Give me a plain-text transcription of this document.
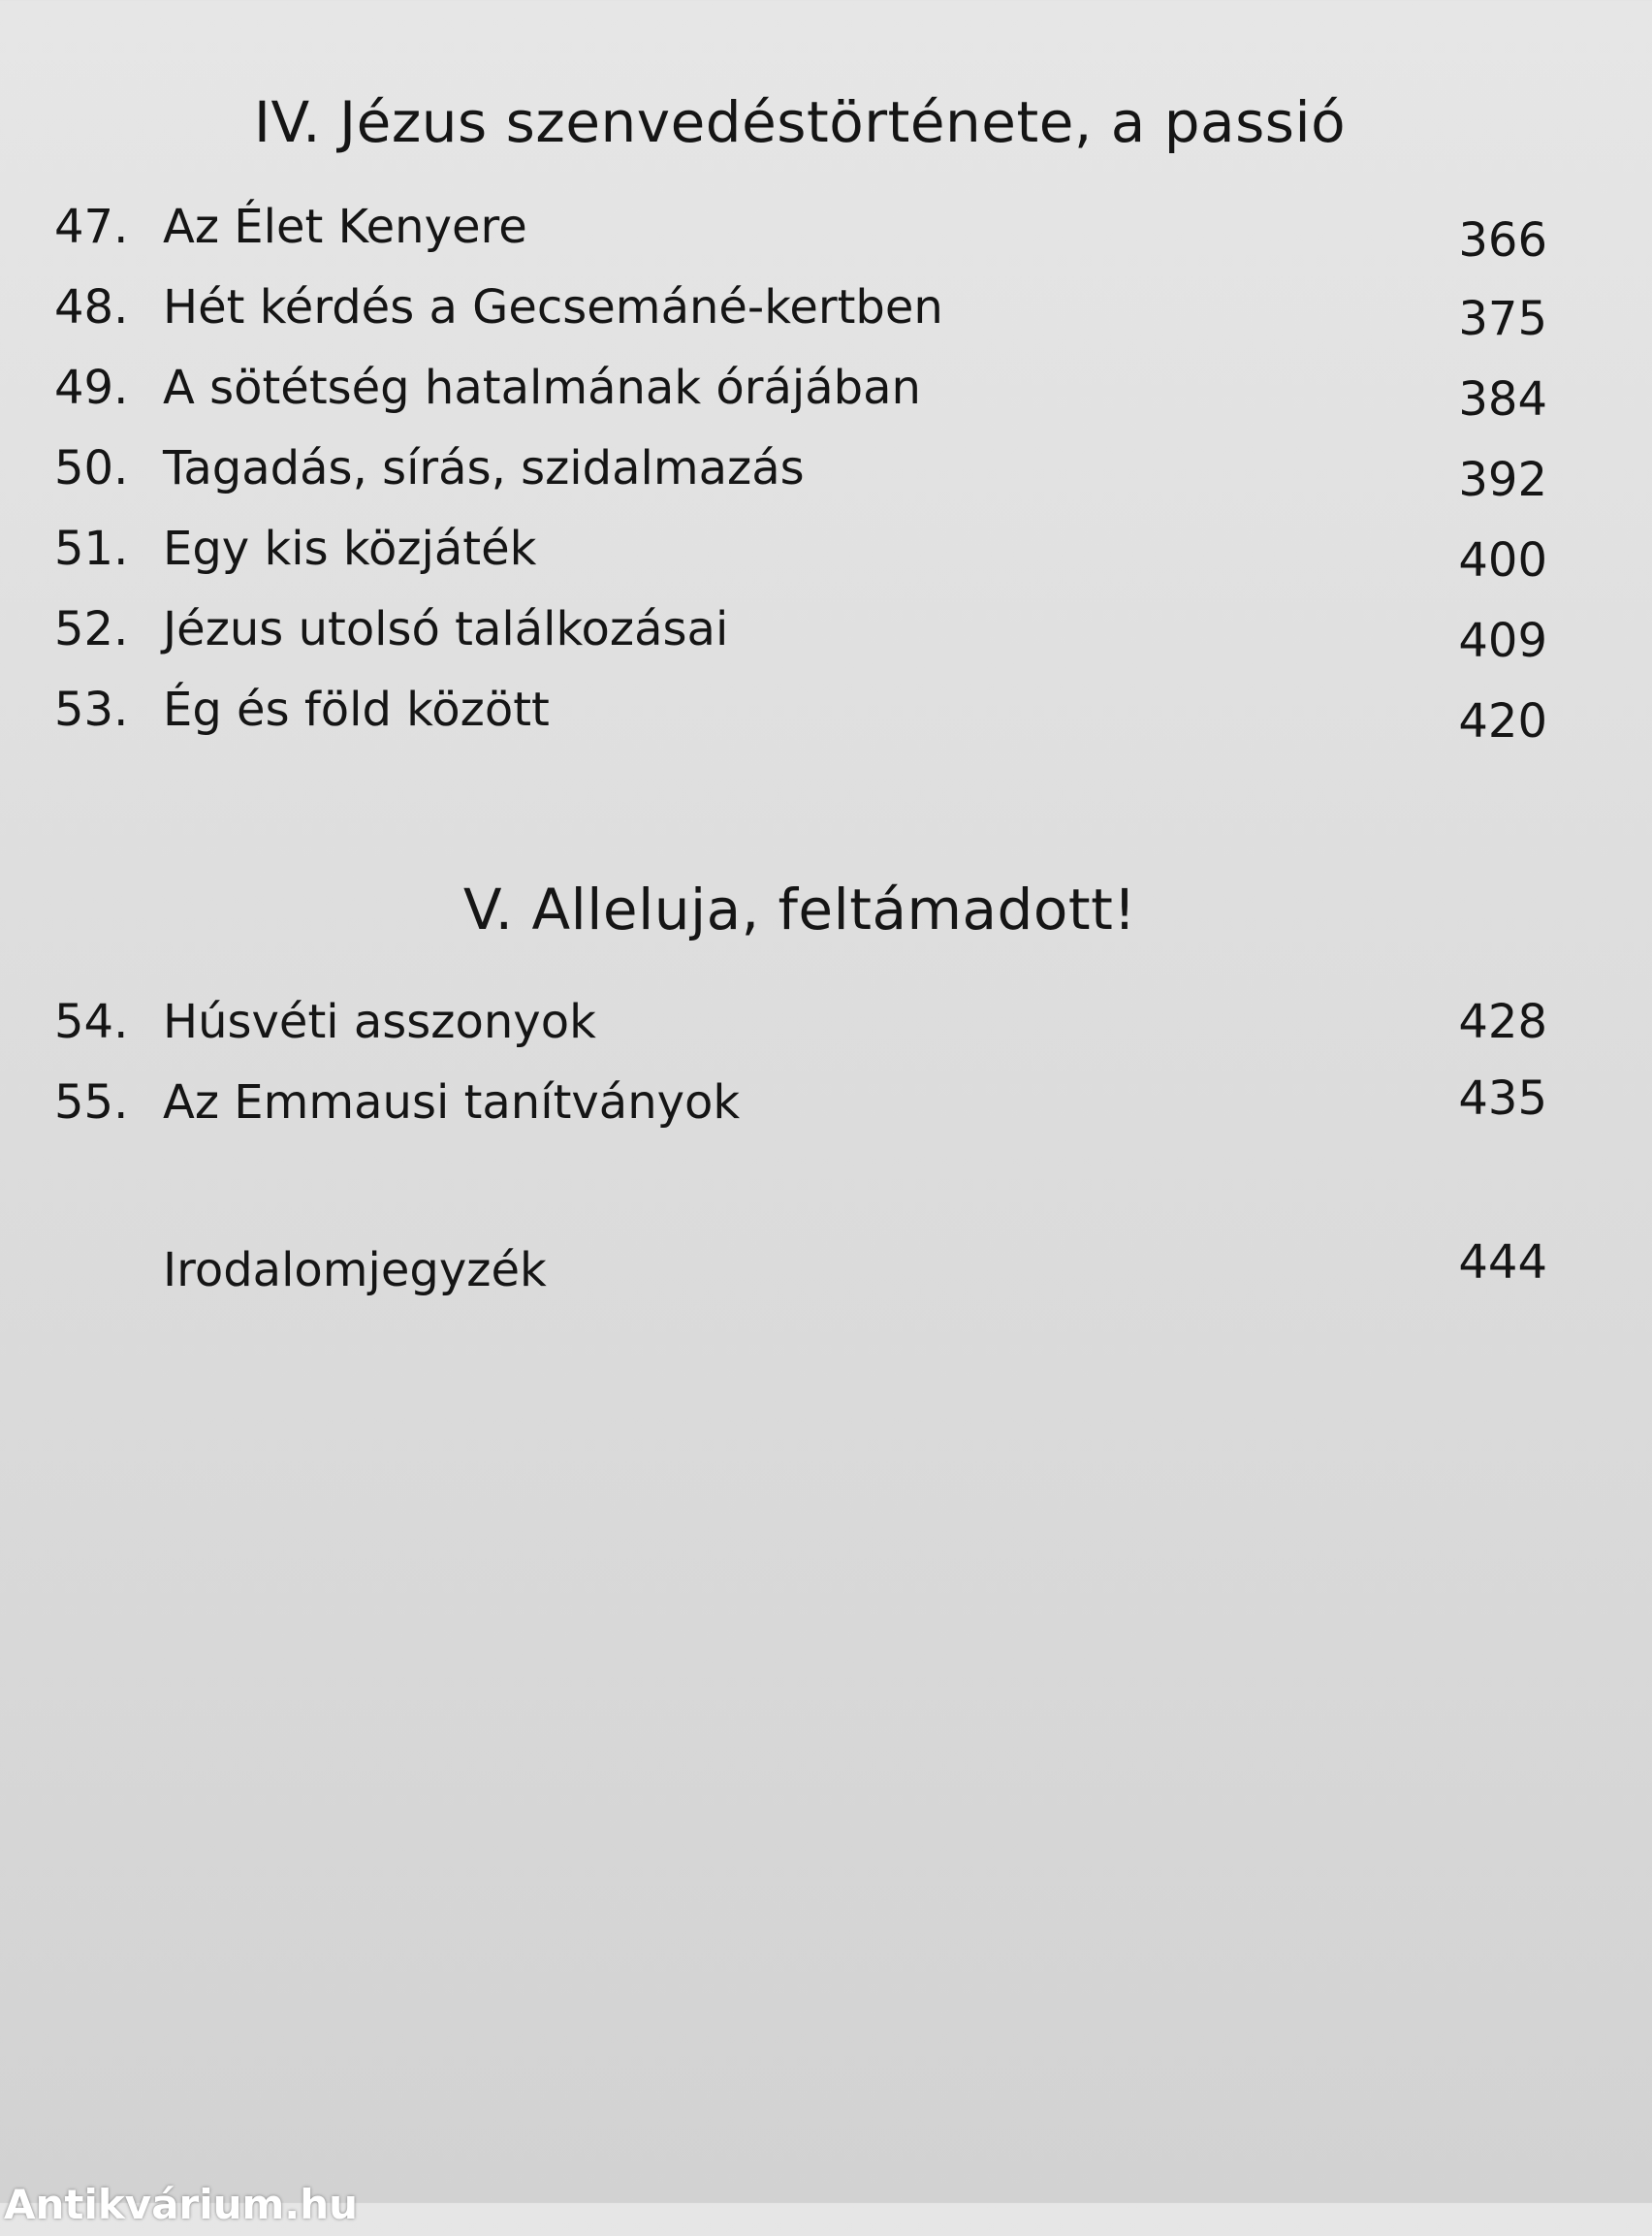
IV. Jézus szenvedéstörténete, a passió
47. Az Élet Kenyere	366
48. Hét kérdés a Gecsemáné-kertben	375
49. A sötétség hatalmának órájában	384
50. Tagadás, sírás, szidalmazás	392
51. Egy kis közjáték	400
52. Jézus utolsó találkozásai	409
53. Ég és föld között	420
V. Alleluja, feltámadott!
54. Húsvéti asszonyok	428
55. Az Emmausi tanítványok	435
Irodalomjegyzék	444
Antikvárium.hu
